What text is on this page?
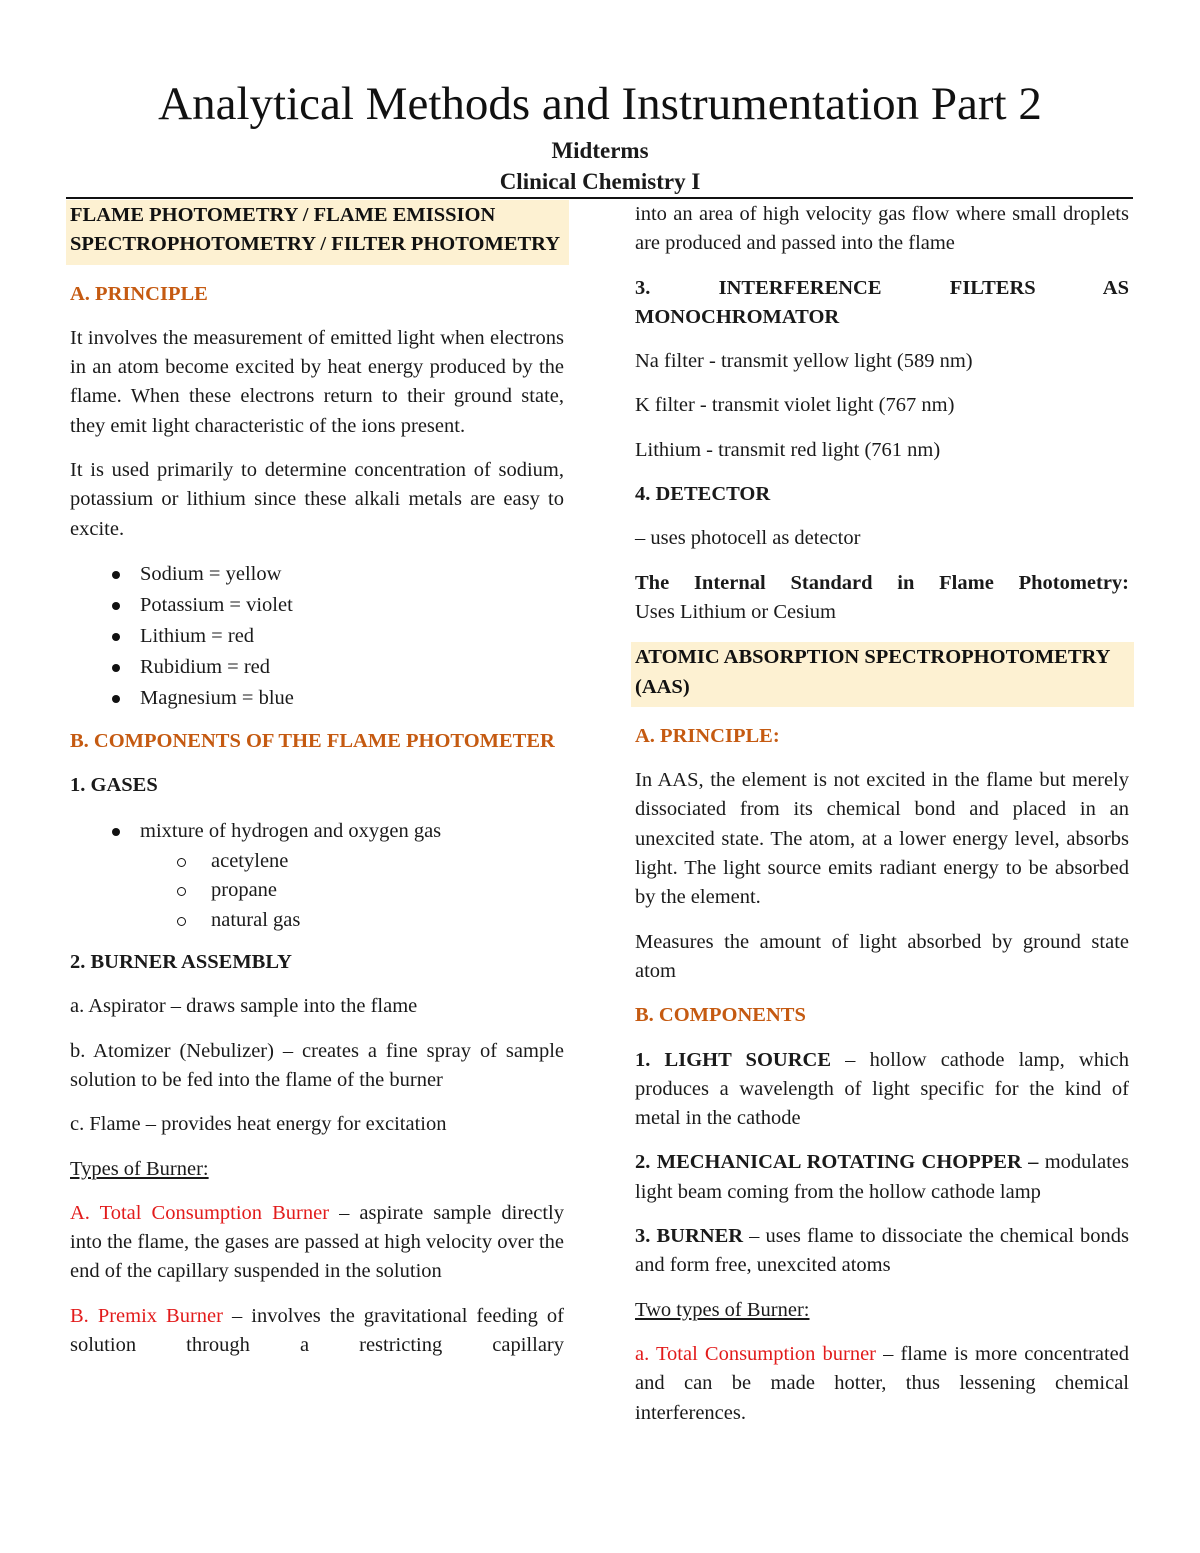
Analytical Methods and Instrumentation Part 2
Midterms
Clinical Chemistry I

FLAME PHOTOMETRY / FLAME EMISSION SPECTROPHOTOMETRY / FILTER PHOTOMETRY

A. PRINCIPLE

It involves the measurement of emitted light when electrons in an atom become excited by heat energy produced by the flame. When these electrons return to their ground state, they emit light characteristic of the ions present.

It is used primarily to determine concentration of sodium, potassium or lithium since these alkali metals are easy to excite.

Sodium = yellow
Potassium = violet
Lithium = red
Rubidium = red
Magnesium = blue

B. COMPONENTS OF THE FLAME PHOTOMETER

1. GASES

mixture of hydrogen and oxygen gas
acetylene
propane
natural gas

2. BURNER ASSEMBLY

a. Aspirator – draws sample into the flame

b. Atomizer (Nebulizer) – creates a fine spray of sample solution to be fed into the flame of the burner

c. Flame – provides heat energy for excitation

Types of Burner:

A. Total Consumption Burner – aspirate sample directly into the flame, the gases are passed at high velocity over the end of the capillary suspended in the solution

B. Premix Burner – involves the gravitational feeding of solution through a restricting capillary

into an area of high velocity gas flow where small droplets are produced and passed into the flame

3. INTERFERENCE FILTERS AS MONOCHROMATOR

Na filter - transmit yellow light (589 nm)

K filter - transmit violet light (767 nm)

Lithium - transmit red light (761 nm)

4. DETECTOR

– uses photocell as detector

The Internal Standard in Flame Photometry:
Uses Lithium or Cesium

ATOMIC ABSORPTION SPECTROPHOTOMETRY (AAS)

A. PRINCIPLE:

In AAS, the element is not excited in the flame but merely dissociated from its chemical bond and placed in an unexcited state. The atom, at a lower energy level, absorbs light. The light source emits radiant energy to be absorbed by the element.

Measures the amount of light absorbed by ground state atom

B. COMPONENTS

1. LIGHT SOURCE – hollow cathode lamp, which produces a wavelength of light specific for the kind of metal in the cathode

2. MECHANICAL ROTATING CHOPPER – modulates light beam coming from the hollow cathode lamp

3. BURNER – uses flame to dissociate the chemical bonds and form free, unexcited atoms

Two types of Burner:

a. Total Consumption burner – flame is more concentrated and can be made hotter, thus lessening chemical interferences.
